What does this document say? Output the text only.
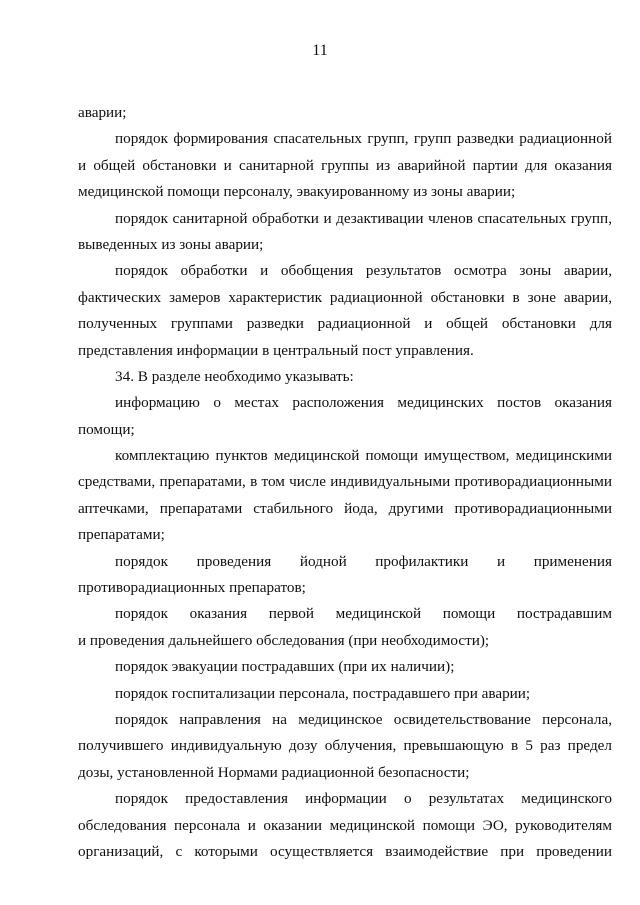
11
аварии;
порядок формирования спасательных групп, групп разведки радиационной
и общей обстановки и санитарной группы из аварийной партии для оказания
медицинской помощи персоналу, эвакуированному из зоны аварии;
порядок санитарной обработки и дезактивации членов спасательных групп,
выведенных из зоны аварии;
порядок обработки и обобщения результатов осмотра зоны аварии,
фактических замеров характеристик радиационной обстановки в зоне аварии,
полученных группами разведки радиационной и общей обстановки для
представления информации в центральный пост управления.
34. В разделе необходимо указывать:
информацию о местах расположения медицинских постов оказания
помощи;
комплектацию пунктов медицинской помощи имуществом, медицинскими
средствами, препаратами, в том числе индивидуальными противорадиационными
аптечками, препаратами стабильного йода, другими противорадиационными
препаратами;
порядок проведения йодной профилактики и применения
противорадиационных препаратов;
порядок оказания первой медицинской помощи пострадавшим
и проведения дальнейшего обследования (при необходимости);
порядок эвакуации пострадавших (при их наличии);
порядок госпитализации персонала, пострадавшего при аварии;
порядок направления на медицинское освидетельствование персонала,
получившего индивидуальную дозу облучения, превышающую в 5 раз предел
дозы, установленной Нормами радиационной безопасности;
порядок предоставления информации о результатах медицинского
обследования персонала и оказании медицинской помощи ЭО, руководителям
организаций, с которыми осуществляется взаимодействие при проведении
